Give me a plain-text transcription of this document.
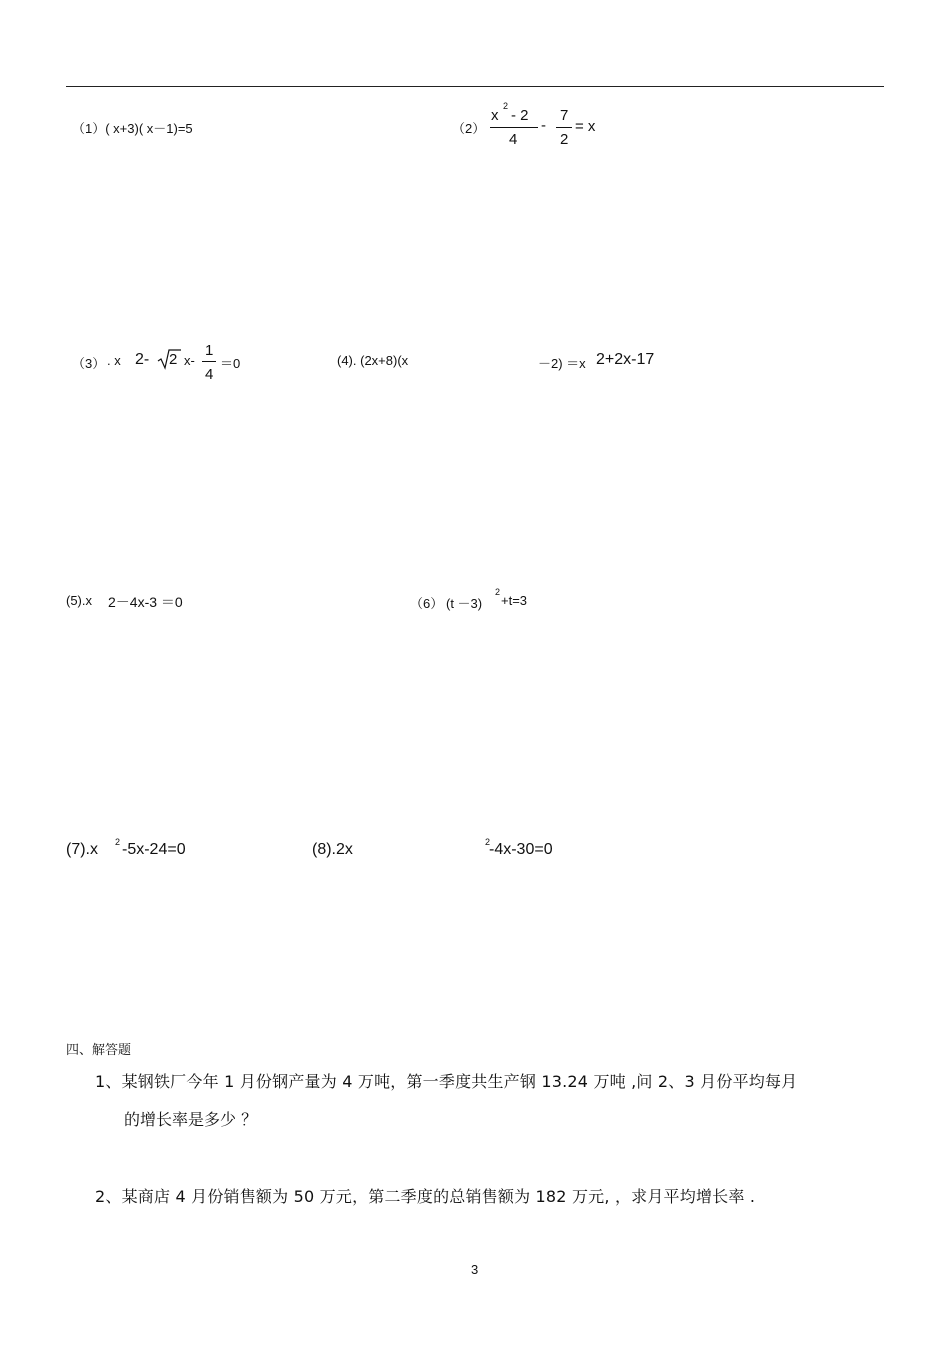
（1）( x+3)( x－1)=5	（2）
x
2
- 2
4
-
7
2
= x
（3） . x 2- 2 x-
1
4
＝0	(4). (2x+8)(x	－2) ＝x 2+2x-17
(5).x 2－4x-3 ＝0	（6） (t －3)
2
+t=3
(7).x 2 -5x-24=0	(8).2x	2
-4x-30=0
四、解答题
1、某钢铁厂今年 1 月份钢产量为 4 万吨，第一季度共生产钢 13.24 万吨 ,问 2、3 月份平均每月
的增长率是多少 ？
2、某商店 4 月份销售额为 50 万元，第二季度的总销售额为 182 万元, ，求月平均增长率 .
3
